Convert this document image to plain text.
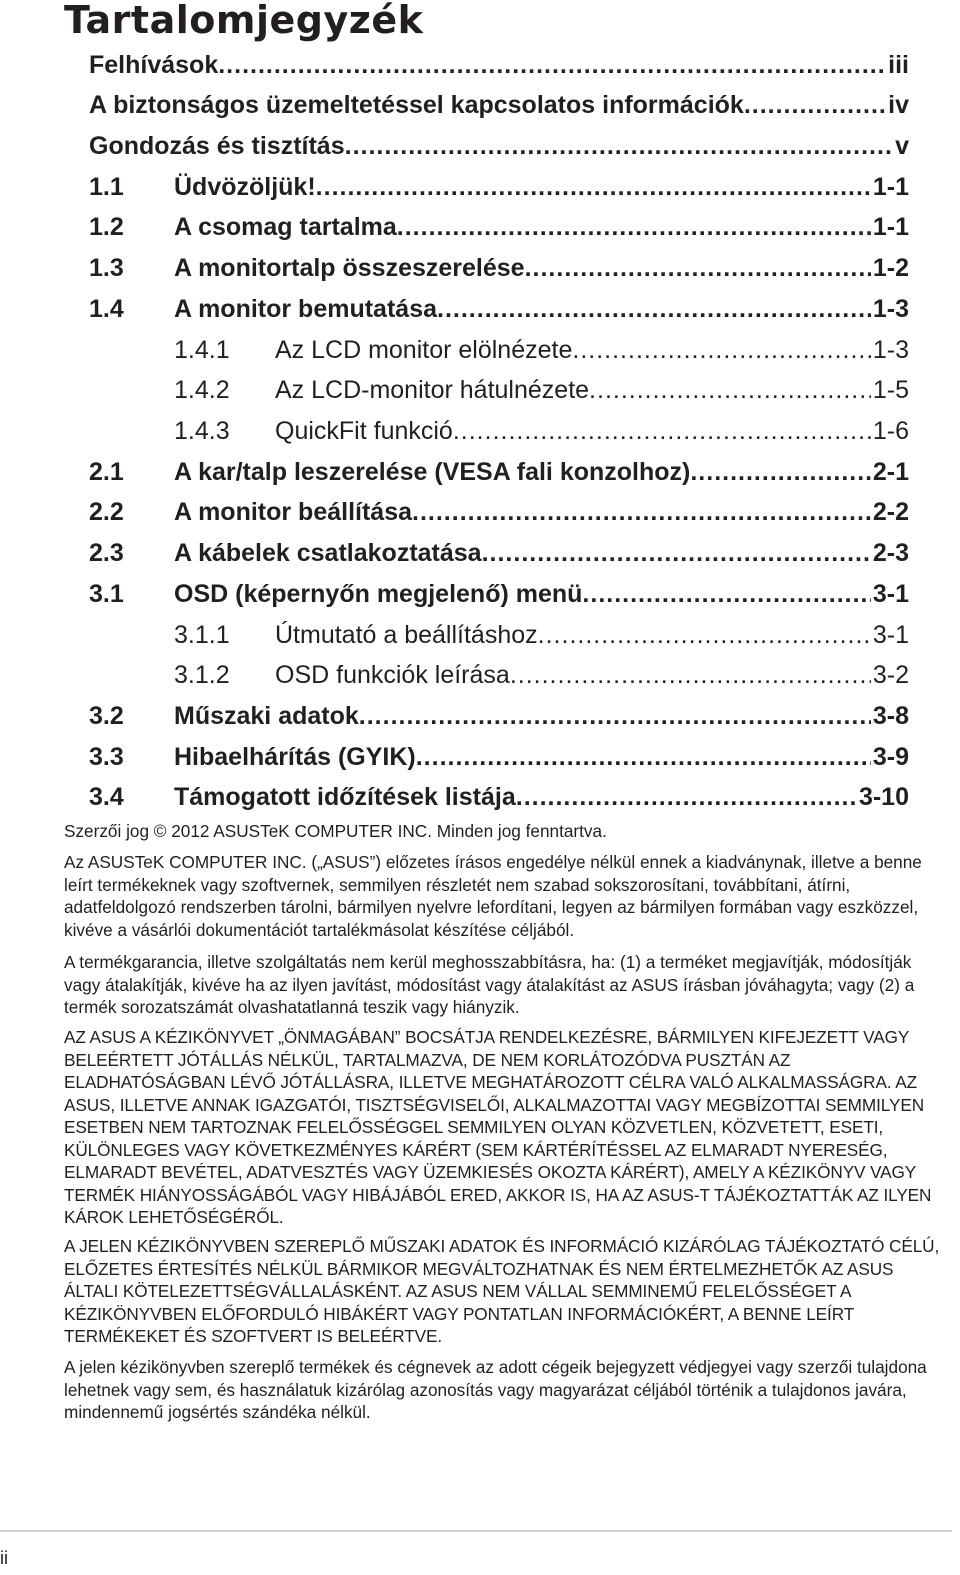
Tartalomjegyzék
Felhívások .....	iii
A biztonságos üzemeltetéssel kapcsolatos információk .....	iv
Gondozás és tisztítás .....	v
1.1	Üdvözöljük! .....	1-1
1.2	A csomag tartalma .....	1-1
1.3	A monitortalp összeszerelése .....	1-2
1.4	A monitor bemutatása .....	1-3
1.4.1	Az LCD monitor elölnézete .....	1-3
1.4.2	Az LCD-monitor hátulnézete .....	1-5
1.4.3	QuickFit funkció .....	1-6
2.1	A kar/talp leszerelése (VESA fali konzolhoz) .....	2-1
2.2	A monitor beállítása .....	2-2
2.3	A kábelek csatlakoztatása .....	2-3
3.1	OSD (képernyőn megjelenő) menü .....	3-1
3.1.1	Útmutató a beállításhoz .....	3-1
3.1.2	OSD funkciók leírása .....	3-2
3.2	Műszaki adatok .....	3-8
3.3	Hibaelhárítás (GYIK) .....	3-9
3.4	Támogatott időzítések listája .....	3-10

Szerzői jog © 2012 ASUSTeK COMPUTER INC. Minden jog fenntartva.

Az ASUSTeK COMPUTER INC. („ASUS”) előzetes írásos engedélye nélkül ennek a kiadványnak, illetve a benne leírt termékeknek vagy szoftvernek, semmilyen részletét nem szabad sokszorosítani, továbbítani, átírni, adatfeldolgozó rendszerben tárolni, bármilyen nyelvre lefordítani, legyen az bármilyen formában vagy eszközzel, kivéve a vásárlói dokumentációt tartalékmásolat készítése céljából.

A termékgarancia, illetve szolgáltatás nem kerül meghosszabbításra, ha: (1) a terméket megjavítják, módosítják vagy átalakítják, kivéve ha az ilyen javítást, módosítást vagy átalakítást az ASUS írásban jóváhagyta; vagy (2) a termék sorozatszámát olvashatatlanná teszik vagy hiányzik.

AZ ASUS A KÉZIKÖNYVET „ÖNMAGÁBAN” BOCSÁTJA RENDELKEZÉSRE, BÁRMILYEN KIFEJEZETT VAGY BELEÉRTETT JÓTÁLLÁS NÉLKÜL, TARTALMAZVA, DE NEM KORLÁTOZÓDVA PUSZTÁN AZ ELADHATÓSÁGBAN LÉVŐ JÓTÁLLÁSRA, ILLETVE MEGHATÁROZOTT CÉLRA VALÓ ALKALMASSÁGRA. AZ ASUS, ILLETVE ANNAK IGAZGATÓI, TISZTSÉGVISELŐI, ALKALMAZOTTAI VAGY MEGBÍZOTTAI SEMMILYEN ESETBEN NEM TARTOZNAK FELELŐSSÉGGEL SEMMILYEN OLYAN KÖZVETLEN, KÖZVETETT, ESETI, KÜLÖNLEGES VAGY KÖVETKEZMÉNYES KÁRÉRT (SEM KÁRTÉRÍTÉSSEL AZ ELMARADT NYERESÉG, ELMARADT BEVÉTEL, ADATVESZTÉS VAGY ÜZEMKIESÉS OKOZTA KÁRÉRT), AMELY A KÉZIKÖNYV VAGY TERMÉK HIÁNYOSSÁGÁBÓL VAGY HIBÁJÁBÓL ERED, AKKOR IS, HA AZ ASUS-T TÁJÉKOZTATTÁK AZ ILYEN KÁROK LEHETŐSÉGÉRŐL.

A JELEN KÉZIKÖNYVBEN SZEREPLŐ MŰSZAKI ADATOK ÉS INFORMÁCIÓ KIZÁRÓLAG TÁJÉKOZTATÓ CÉLÚ, ELŐZETES ÉRTESÍTÉS NÉLKÜL BÁRMIKOR MEGVÁLTOZHATNAK ÉS NEM ÉRTELMEZHETŐK AZ ASUS ÁLTALI KÖTELEZETTSÉGVÁLLALÁSKÉNT. AZ ASUS NEM VÁLLAL SEMMINEMŰ FELELŐSSÉGET A KÉZIKÖNYVBEN ELŐFORDULÓ HIBÁKÉRT VAGY PONTATLAN INFORMÁCIÓKÉRT, A BENNE LEÍRT TERMÉKEKET ÉS SZOFTVERT IS BELEÉRTVE.

A jelen kézikönyvben szereplő termékek és cégnevek az adott cégeik bejegyzett védjegyei vagy szerzői tulajdona lehetnek vagy sem, és használatuk kizárólag azonosítás vagy magyarázat céljából történik a tulajdonos javára, mindennemű jogsértés szándéka nélkül.

ii
